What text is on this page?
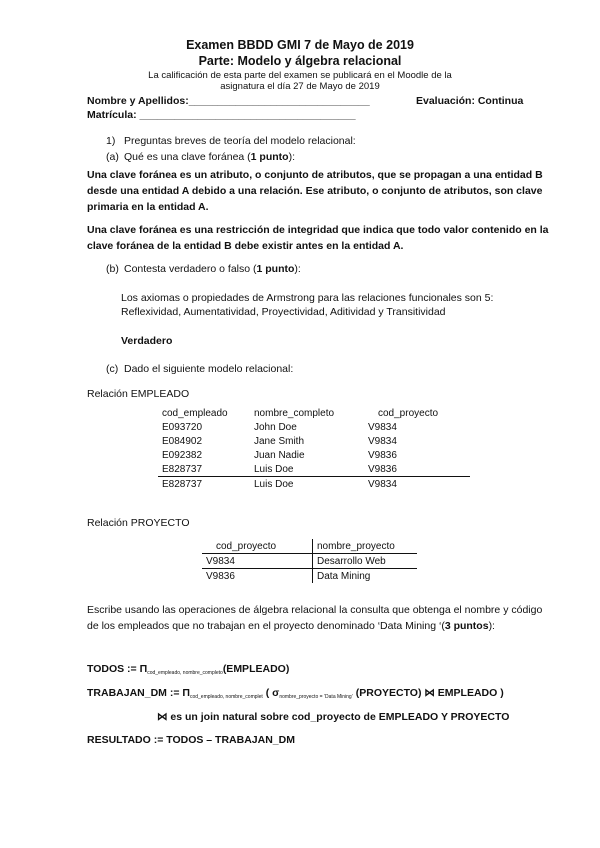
Examen BBDD GMI 7 de Mayo de 2019
Parte: Modelo y álgebra relacional
La calificación de esta parte del examen se publicará en el Moodle de la
asignatura el día 27 de Mayo de 2019
Nombre y Apellidos:_______________________________	Evaluación: Continua
Matrícula: _____________________________________
1) Preguntas breves de teoría del modelo relacional:
(a) Qué es una clave foránea (1 punto):
Una clave foránea es un atributo, o conjunto de atributos, que se propagan a una entidad B
desde una entidad A debido a una relación. Ese atributo, o conjunto de atributos, son clave
primaria en la entidad A.
Una clave foránea es una restricción de integridad que indica que todo valor contenido en la
clave foránea de la entidad B debe existir antes en la entidad A.
(b) Contesta verdadero o falso (1 punto):
Los axiomas o propiedades de Armstrong para las relaciones funcionales son 5:
Reflexividad, Aumentatividad, Proyectividad, Aditividad y Transitividad
Verdadero
(c) Dado el siguiente modelo relacional:
Relación EMPLEADO
cod_empleado	nombre_completo	cod_proyecto
E093720	John Doe	V9834
E084902	Jane Smith	V9834
E092382	Juan Nadie	V9836
E828737	Luis Doe	V9836
E828737	Luis Doe	V9834
Relación PROYECTO
cod_proyecto	nombre_proyecto
V9834	Desarrollo Web
V9836	Data Mining
Escribe usando las operaciones de álgebra relacional la consulta que obtenga el nombre y código
de los empleados que no trabajan en el proyecto denominado ‘Data Mining ‘(3 puntos):
TODOS := $\Pi_{cod\_empleado, nombre\_completo}(EMPLEADO)$
TRABAJAN_DM := $\Pi_{cod\_empleado, nombre\_complet}$ ( $\sigma_{nombre\_proyecto = ‘Data Mining’}$ (PROYECTO) ⋈ EMPLEADO )
⋈ es un join natural sobre cod_proyecto de EMPLEADO Y PROYECTO
RESULTADO := TODOS – TRABAJAN_DM
